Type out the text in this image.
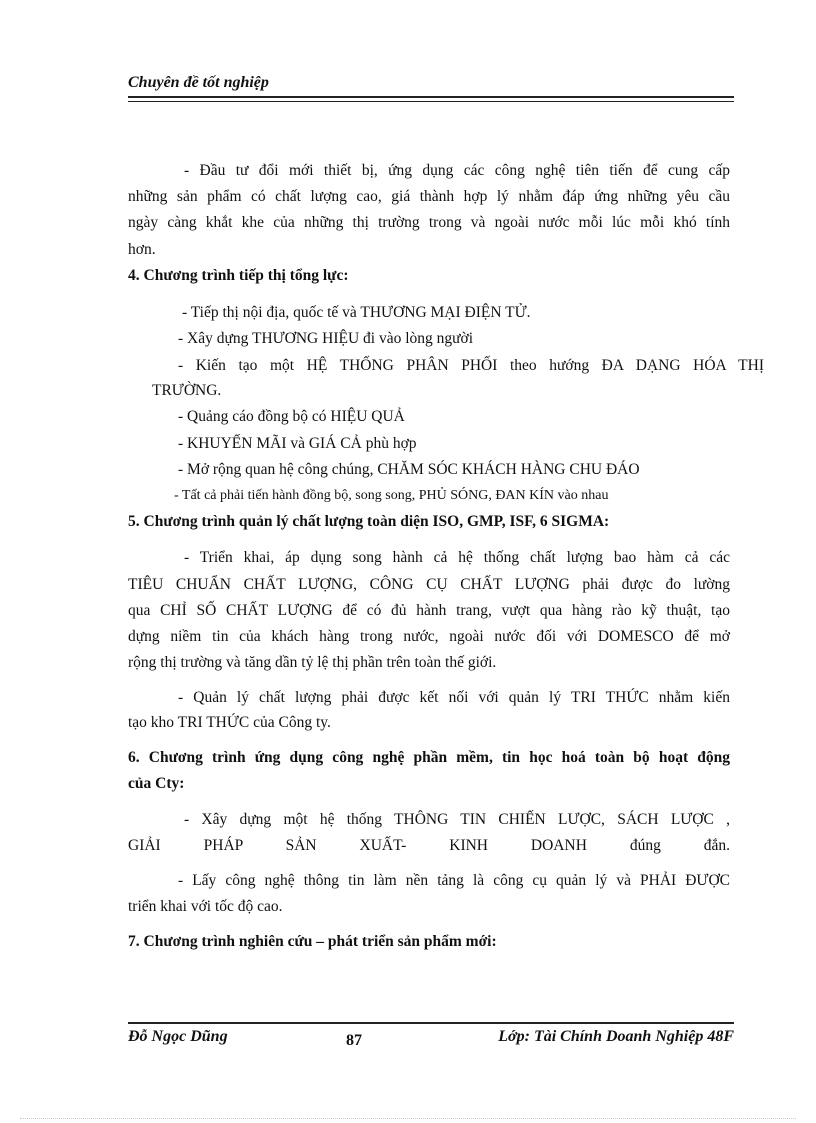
Chuyên đề tốt nghiệp
- Đầu tư đổi mới thiết bị, ứng dụng các công nghệ tiên tiến để cung cấp
những sản phẩm có chất lượng cao, giá thành hợp lý nhằm đáp ứng những yêu cầu
ngày càng khắt khe của những thị trường trong và ngoài nước mỗi lúc mỗi khó tính
hơn.
4. Chương trình tiếp thị tổng lực:
- Tiếp thị nội địa, quốc tế và THƯƠNG MẠI ĐIỆN TỬ.
- Xây dựng THƯƠNG HIỆU đi vào lòng người
- Kiến tạo một HỆ THỐNG PHÂN PHỐI theo hướng ĐA DẠNG HÓA THỊ
TRƯỜNG.
- Quảng cáo đồng bộ có HIỆU QUẢ
- KHUYẾN MÃI và GIÁ CẢ phù hợp
- Mở rộng quan hệ công chúng, CHĂM SÓC KHÁCH HÀNG CHU ĐÁO
- Tất cả phải tiến hành đồng bộ, song song, PHỦ SÓNG, ĐAN KÍN vào nhau
5. Chương trình quản lý chất lượng toàn diện ISO, GMP, ISF, 6 SIGMA:
- Triển khai, áp dụng song hành cả hệ thống chất lượng bao hàm cả các
TIÊU CHUẨN CHẤT LƯỢNG, CÔNG CỤ CHẤT LƯỢNG phải được đo lường
qua CHỈ SỐ CHẤT LƯỢNG để có đủ hành trang, vượt qua hàng rào kỹ thuật, tạo
dựng niềm tin của khách hàng trong nước, ngoài nước đối với DOMESCO để mở
rộng thị trường và tăng dần tỷ lệ thị phần trên toàn thế giới.
- Quản lý chất lượng phải được kết nối với quản lý TRI THỨC nhằm kiến
tạo kho TRI THỨC của Công ty.
6. Chương trình ứng dụng công nghệ phần mềm, tin học hoá toàn bộ hoạt động
của Cty:
- Xây dựng một hệ thống THÔNG TIN CHIẾN LƯỢC, SÁCH LƯỢC ,
GIẢI PHÁP SẢN XUẤT- KINH DOANH đúng đắn.
- Lấy công nghệ thông tin làm nền tảng là công cụ quản lý và PHẢI ĐƯỢC
triển khai với tốc độ cao.
7. Chương trình nghiên cứu – phát triển sản phẩm mới:
Đỗ Ngọc Dũng	87	Lớp: Tài Chính Doanh Nghiệp 48F
